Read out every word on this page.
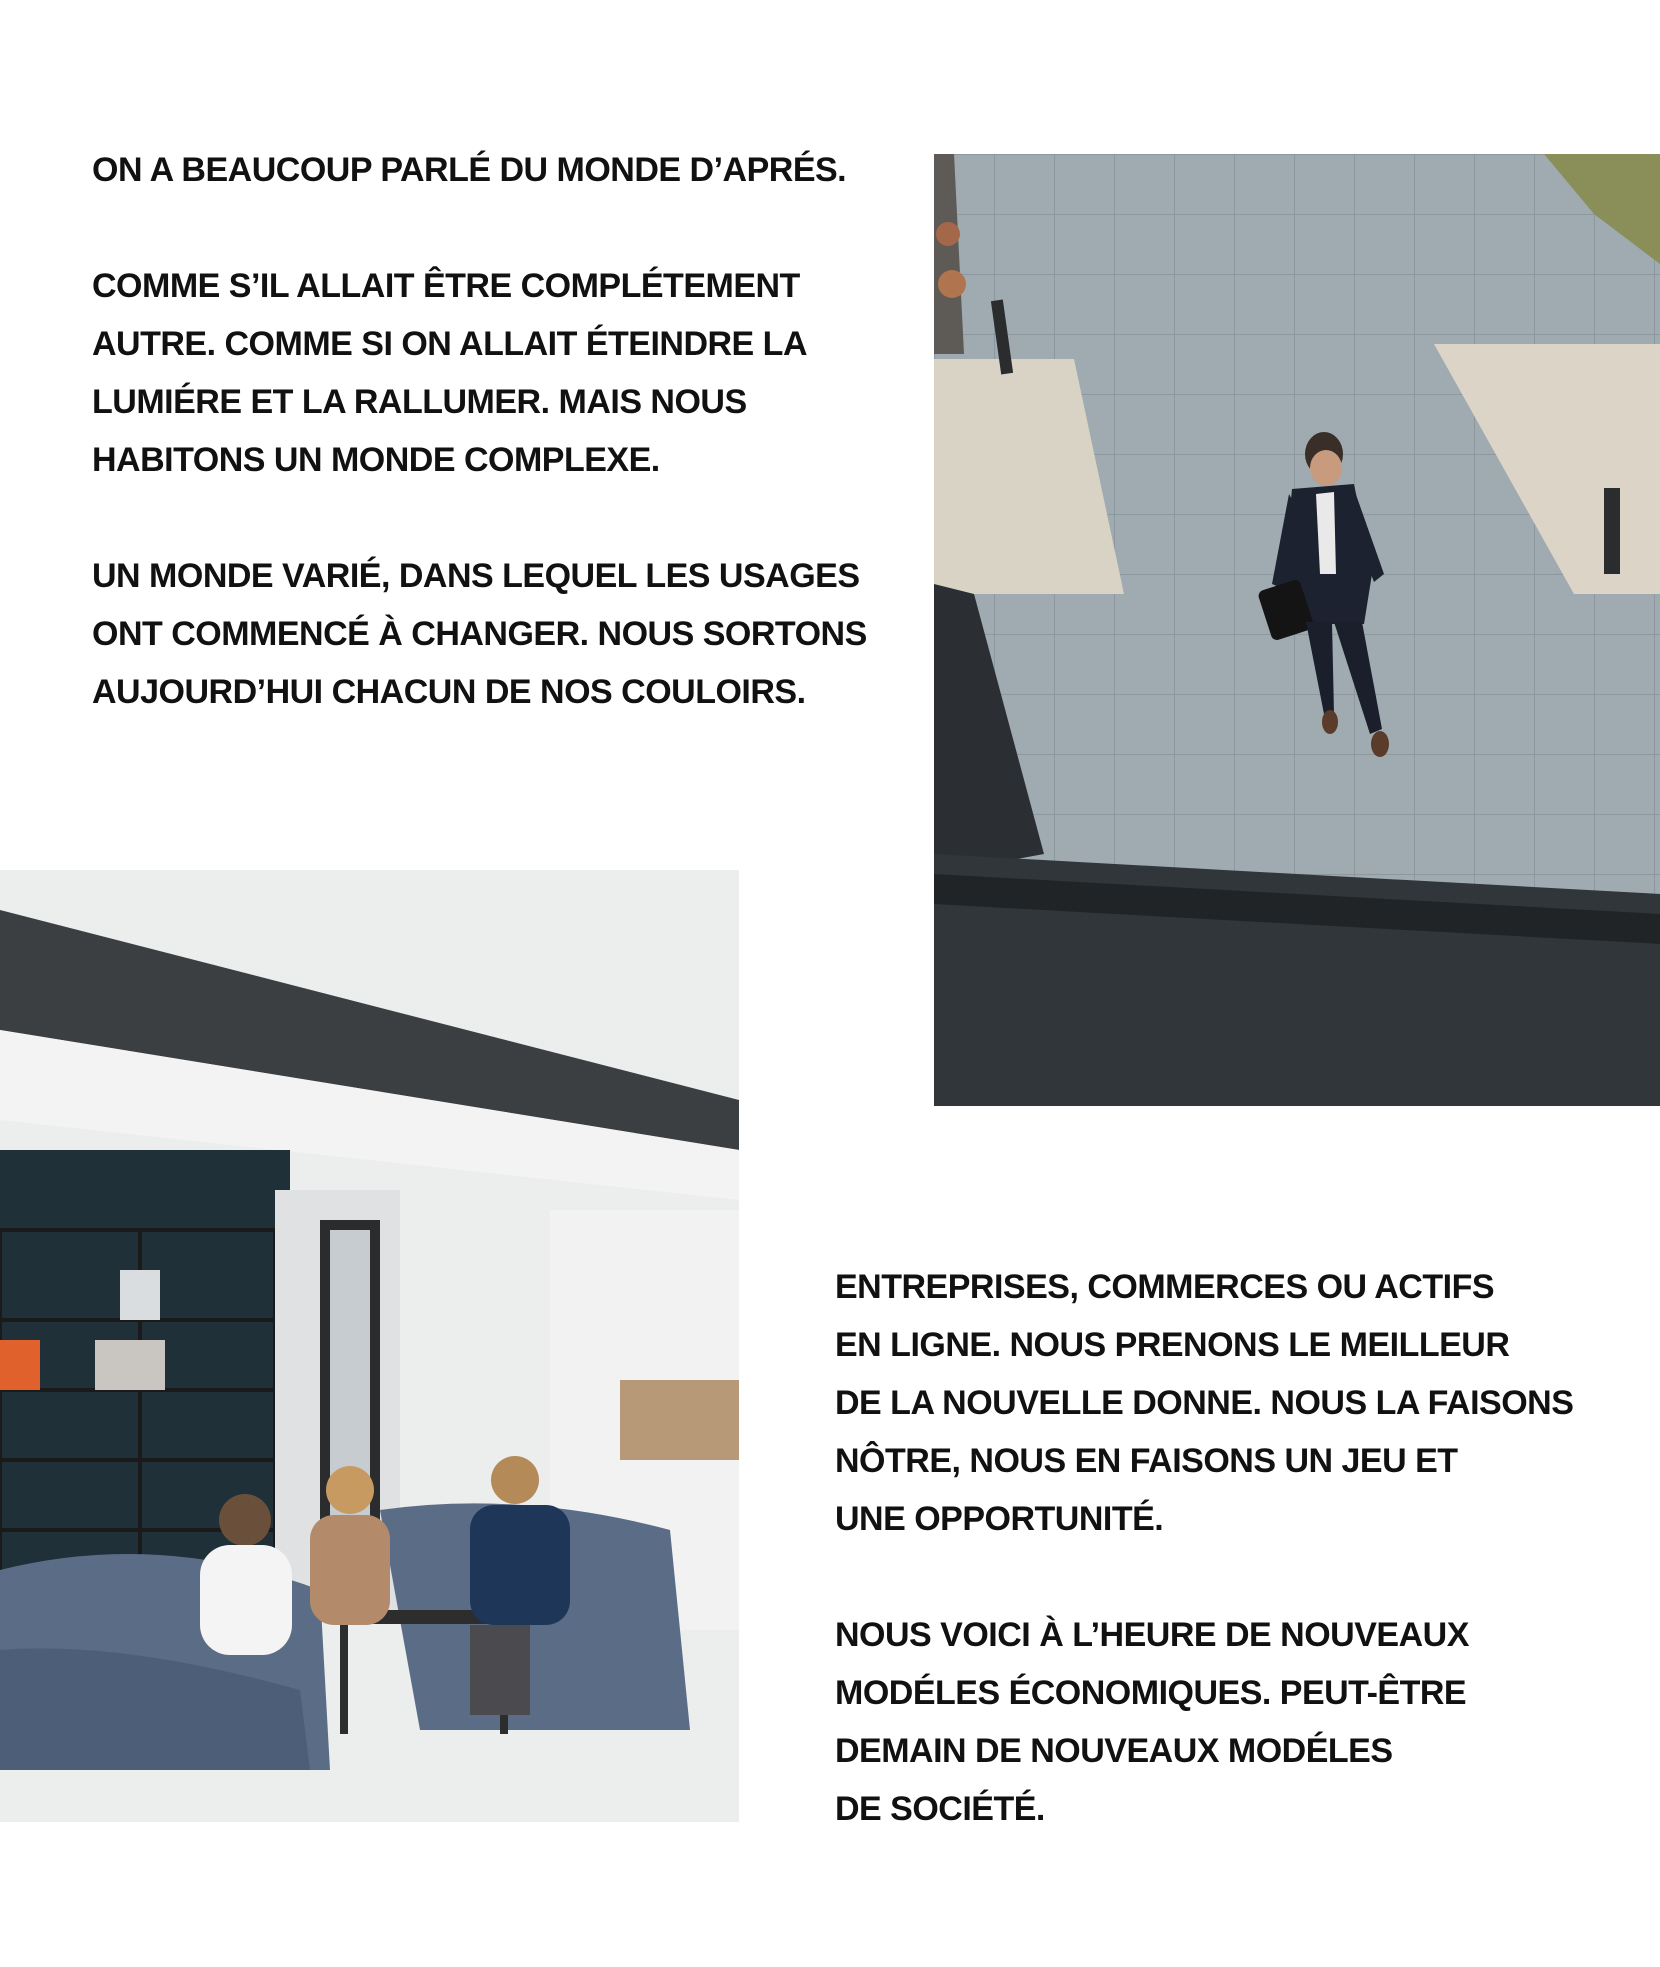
ON A BEAUCOUP PARLÉ DU MONDE D’APRÉS.

COMME S’IL ALLAIT ÊTRE COMPLÉTEMENT
AUTRE. COMME SI ON ALLAIT ÉTEINDRE LA
LUMIÉRE ET LA RALLUMER. MAIS NOUS
HABITONS UN MONDE COMPLEXE.

UN MONDE VARIÉ, DANS LEQUEL LES USAGES
ONT COMMENCÉ À CHANGER. NOUS SORTONS
AUJOURD’HUI CHACUN DE NOS COULOIRS.

ENTREPRISES, COMMERCES OU ACTIFS
EN LIGNE. NOUS PRENONS LE MEILLEUR
DE LA NOUVELLE DONNE. NOUS LA FAISONS
NÔTRE, NOUS EN FAISONS UN JEU ET
UNE OPPORTUNITÉ.

NOUS VOICI À L’HEURE DE NOUVEAUX
MODÉLES ÉCONOMIQUES. PEUT-ÊTRE
DEMAIN DE NOUVEAUX MODÉLES
DE SOCIÉTÉ.
